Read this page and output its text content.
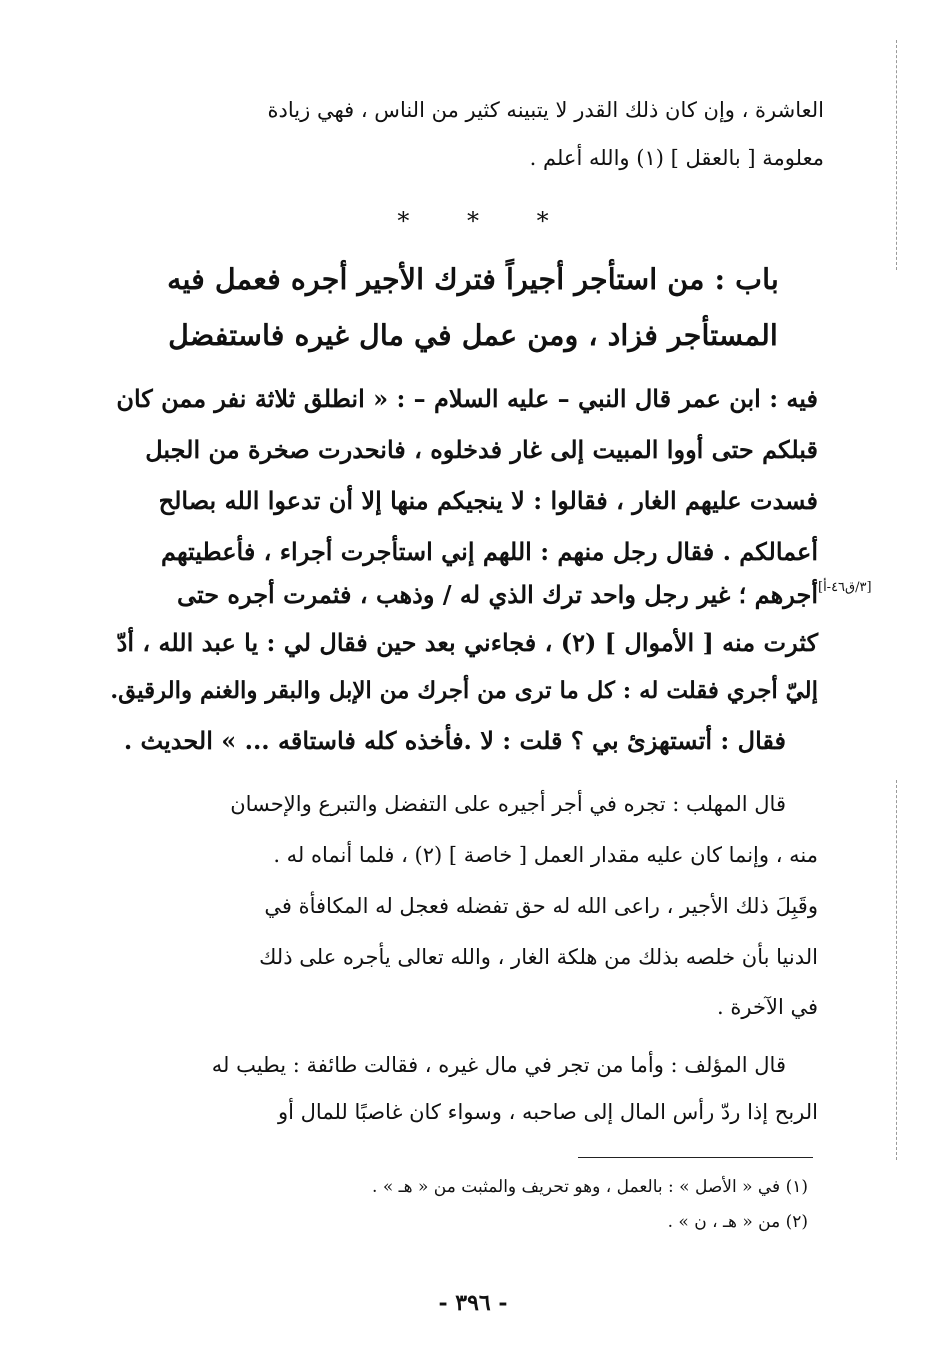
العاشرة ، وإن كان ذلك القدر لا يتبينه كثير من الناس ، فهي زيادة
معلومة [ بالعقل ] (١) والله أعلم .
* * *
باب : من استأجر أجيراً فترك الأجير أجره فعمل فيه
المستأجر فزاد ، ومن عمل في مال غيره فاستفضل
فيه : ابن عمر قال النبي – عليه السلام – : « انطلق ثلاثة نفر ممن كان
قبلكم حتى أووا المبيت إلى غار فدخلوه ، فانحدرت صخرة من الجبل
فسدت عليهم الغار ، فقالوا : لا ينجيكم منها إلا أن تدعوا الله بصالح
أعمالكم . فقال رجل منهم : اللهم إني استأجرت أجراء ، فأعطيتهم
أجرهم ؛ غير رجل واحد ترك الذي له / وذهب ، فثمرت أجره حتى
كثرت منه [ الأموال ] (٢) ، فجاءني بعد حين فقال لي : يا عبد الله ، أدّ
إليّ أجري فقلت له : كل ما ترى من أجرك من الإبل والبقر والغنم والرقيق.
فقال : أتستهزئ بي ؟ قلت : لا .فأخذه كله فاستاقه ... » الحديث .
[٣/ق٤٦-أ]
قال المهلب : تجره في أجر أجيره على التفضل والتبرع والإحسان
منه ، وإنما كان عليه مقدار العمل [ خاصة ] (٢) ، فلما أنماه له .
وقَبِلَ ذلك الأجير ، راعى الله له حق تفضله فعجل له المكافأة في
الدنيا بأن خلصه بذلك من هلكة الغار ، والله تعالى يأجره على ذلك
في الآخرة .
قال المؤلف : وأما من تجر في مال غيره ، فقالت طائفة : يطيب له
الربح إذا ردّ رأس المال إلى صاحبه ، وسواء كان غاصبًا للمال أو
(١) في « الأصل » : بالعمل ، وهو تحريف والمثبت من « هـ » .
(٢) من « هـ ، ن » .
- ٣٩٦ -
